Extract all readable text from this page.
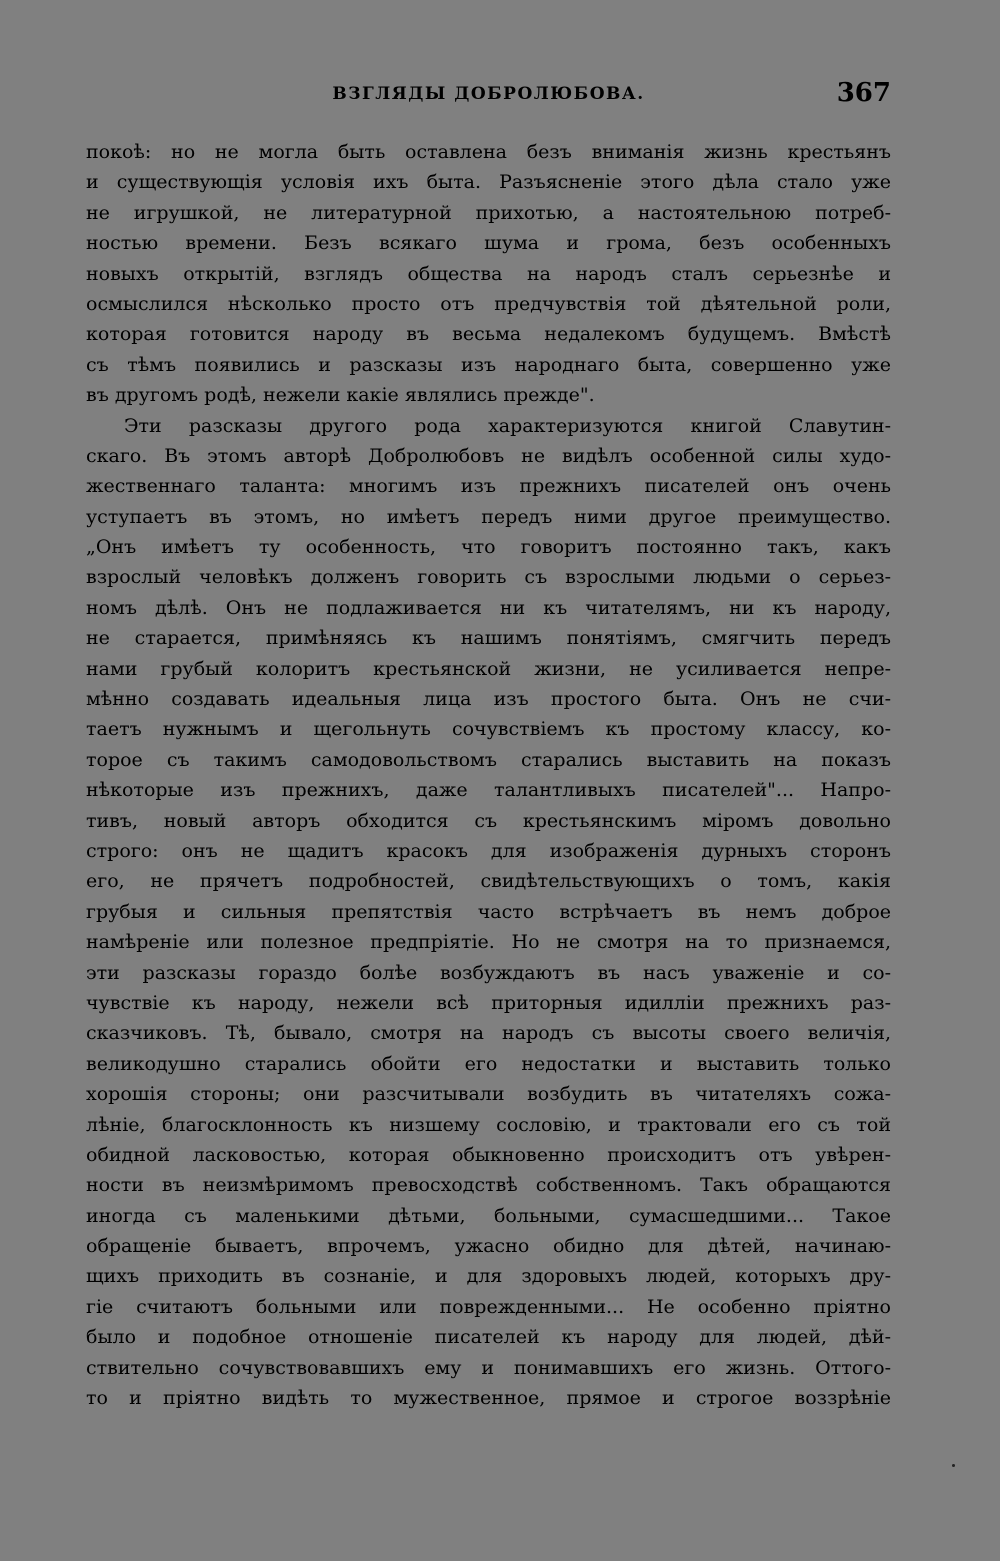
ВЗГЛЯДЫ ДОБРОЛЮБОВА.	367
покоѣ: но не могла быть оставлена безъ вниманія жизнь крестьянъ
и существующія условія ихъ быта. Разъясненіе этого дѣла стало уже
не игрушкой, не литературной прихотью, а настоятельною потреб-
ностью времени. Безъ всякаго шума и грома, безъ особенныхъ
новыхъ открытій, взглядъ общества на народъ сталъ серьезнѣе и
осмыслился нѣсколько просто отъ предчувствія той дѣятельной роли,
которая готовится народу въ весьма недалекомъ будущемъ. Вмѣстѣ
съ тѣмъ появились и разсказы изъ народнаго быта, совершенно уже
въ другомъ родѣ, нежели какіе являлись прежде".
Эти разсказы другого рода характеризуются книгой Славутин-
скаго. Въ этомъ авторѣ Добролюбовъ не видѣлъ особенной силы худо-
жественнаго таланта: многимъ изъ прежнихъ писателей онъ очень
уступаетъ въ этомъ, но имѣетъ передъ ними другое преимущество.
„Онъ имѣетъ ту особенность, что говоритъ постоянно такъ, какъ
взрослый человѣкъ долженъ говорить съ взрослыми людьми о серьез-
номъ дѣлѣ. Онъ не подлаживается ни къ читателямъ, ни къ народу,
не старается, примѣняясь къ нашимъ понятіямъ, смягчить передъ
нами грубый колоритъ крестьянской жизни, не усиливается непре-
мѣнно создавать идеальныя лица изъ простого быта. Онъ не счи-
таетъ нужнымъ и щегольнуть сочувствіемъ къ простому классу, ко-
торое съ такимъ самодовольствомъ старались выставить на показъ
нѣкоторые изъ прежнихъ, даже талантливыхъ писателей"... Напро-
тивъ, новый авторъ обходится съ крестьянскимъ міромъ довольно
строго: онъ не щадитъ красокъ для изображенія дурныхъ сторонъ
его, не прячетъ подробностей, свидѣтельствующихъ о томъ, какія
грубыя и сильныя препятствія часто встрѣчаетъ въ немъ доброе
намѣреніе или полезное предпріятіе. Но не смотря на то признаемся,
эти разсказы гораздо болѣе возбуждаютъ въ насъ уваженіе и со-
чувствіе къ народу, нежели всѣ приторныя идилліи прежнихъ раз-
сказчиковъ. Тѣ, бывало, смотря на народъ съ высоты своего величія,
великодушно старались обойти его недостатки и выставить только
хорошія стороны; они разсчитывали возбудить въ читателяхъ сожа-
лѣніе, благосклонность къ низшему сословію, и трактовали его съ той
обидной ласковостью, которая обыкновенно происходитъ отъ увѣрен-
ности въ неизмѣримомъ превосходствѣ собственномъ. Такъ обращаются
иногда съ маленькими дѣтьми, больными, сумасшедшими... Такое
обращеніе бываетъ, впрочемъ, ужасно обидно для дѣтей, начинаю-
щихъ приходить въ сознаніе, и для здоровыхъ людей, которыхъ дру-
гіе считаютъ больными или поврежденными... Не особенно пріятно
было и подобное отношеніе писателей къ народу для людей, дѣй-
ствительно сочувствовавшихъ ему и понимавшихъ его жизнь. Оттого-
то и пріятно видѣть то мужественное, прямое и строгое воззрѣніе
